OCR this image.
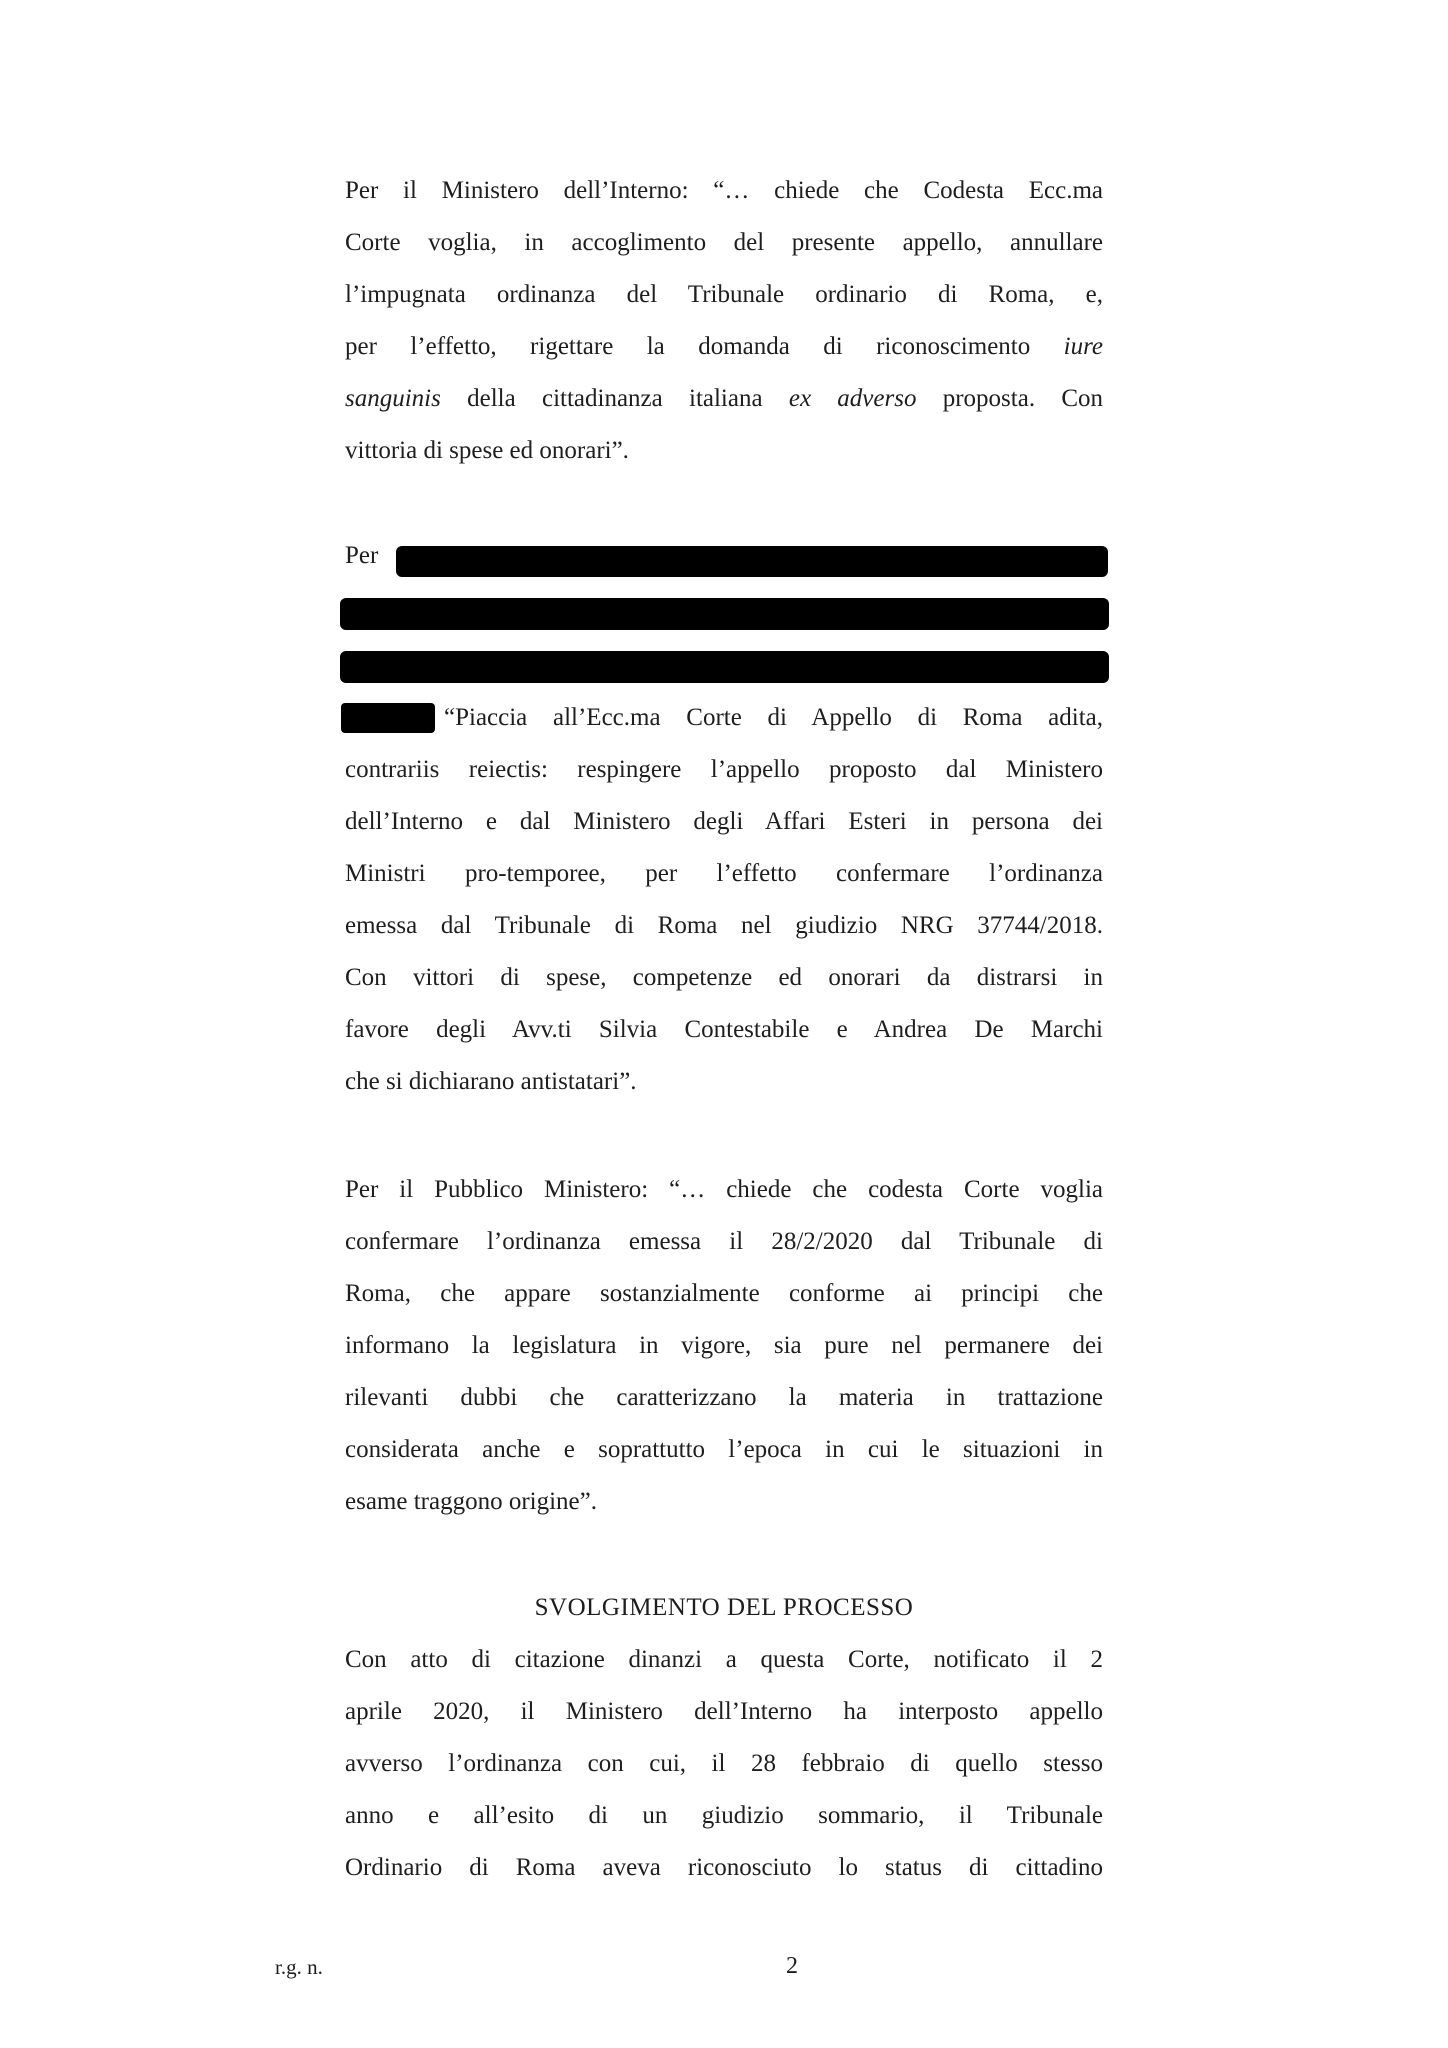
Per il Ministero dell’Interno: “… chiede che Codesta Ecc.ma
Corte voglia, in accoglimento del presente appello, annullare
l’impugnata ordinanza del Tribunale ordinario di Roma, e,
per l’effetto, rigettare la domanda di riconoscimento iure
sanguinis della cittadinanza italiana ex adverso proposta. Con
vittoria di spese ed onorari”.
Per
“Piaccia all’Ecc.ma Corte di Appello di Roma adita,
contrariis reiectis: respingere l’appello proposto dal Ministero
dell’Interno e dal Ministero degli Affari Esteri in persona dei
Ministri pro-temporee, per l’effetto confermare l’ordinanza
emessa dal Tribunale di Roma nel giudizio NRG 37744/2018.
Con vittori di spese, competenze ed onorari da distrarsi in
favore degli Avv.ti Silvia Contestabile e Andrea De Marchi
che si dichiarano antistatari”.
Per il Pubblico Ministero: “… chiede che codesta Corte voglia
confermare l’ordinanza emessa il 28/2/2020 dal Tribunale di
Roma, che appare sostanzialmente conforme ai principi che
informano la legislatura in vigore, sia pure nel permanere dei
rilevanti dubbi che caratterizzano la materia in trattazione
considerata anche e soprattutto l’epoca in cui le situazioni in
esame traggono origine”.
SVOLGIMENTO DEL PROCESSO
Con atto di citazione dinanzi a questa Corte, notificato il 2
aprile 2020, il Ministero dell’Interno ha interposto appello
avverso l’ordinanza con cui, il 28 febbraio di quello stesso
anno e all’esito di un giudizio sommario, il Tribunale
Ordinario di Roma aveva riconosciuto lo status di cittadino
r.g. n.	2
